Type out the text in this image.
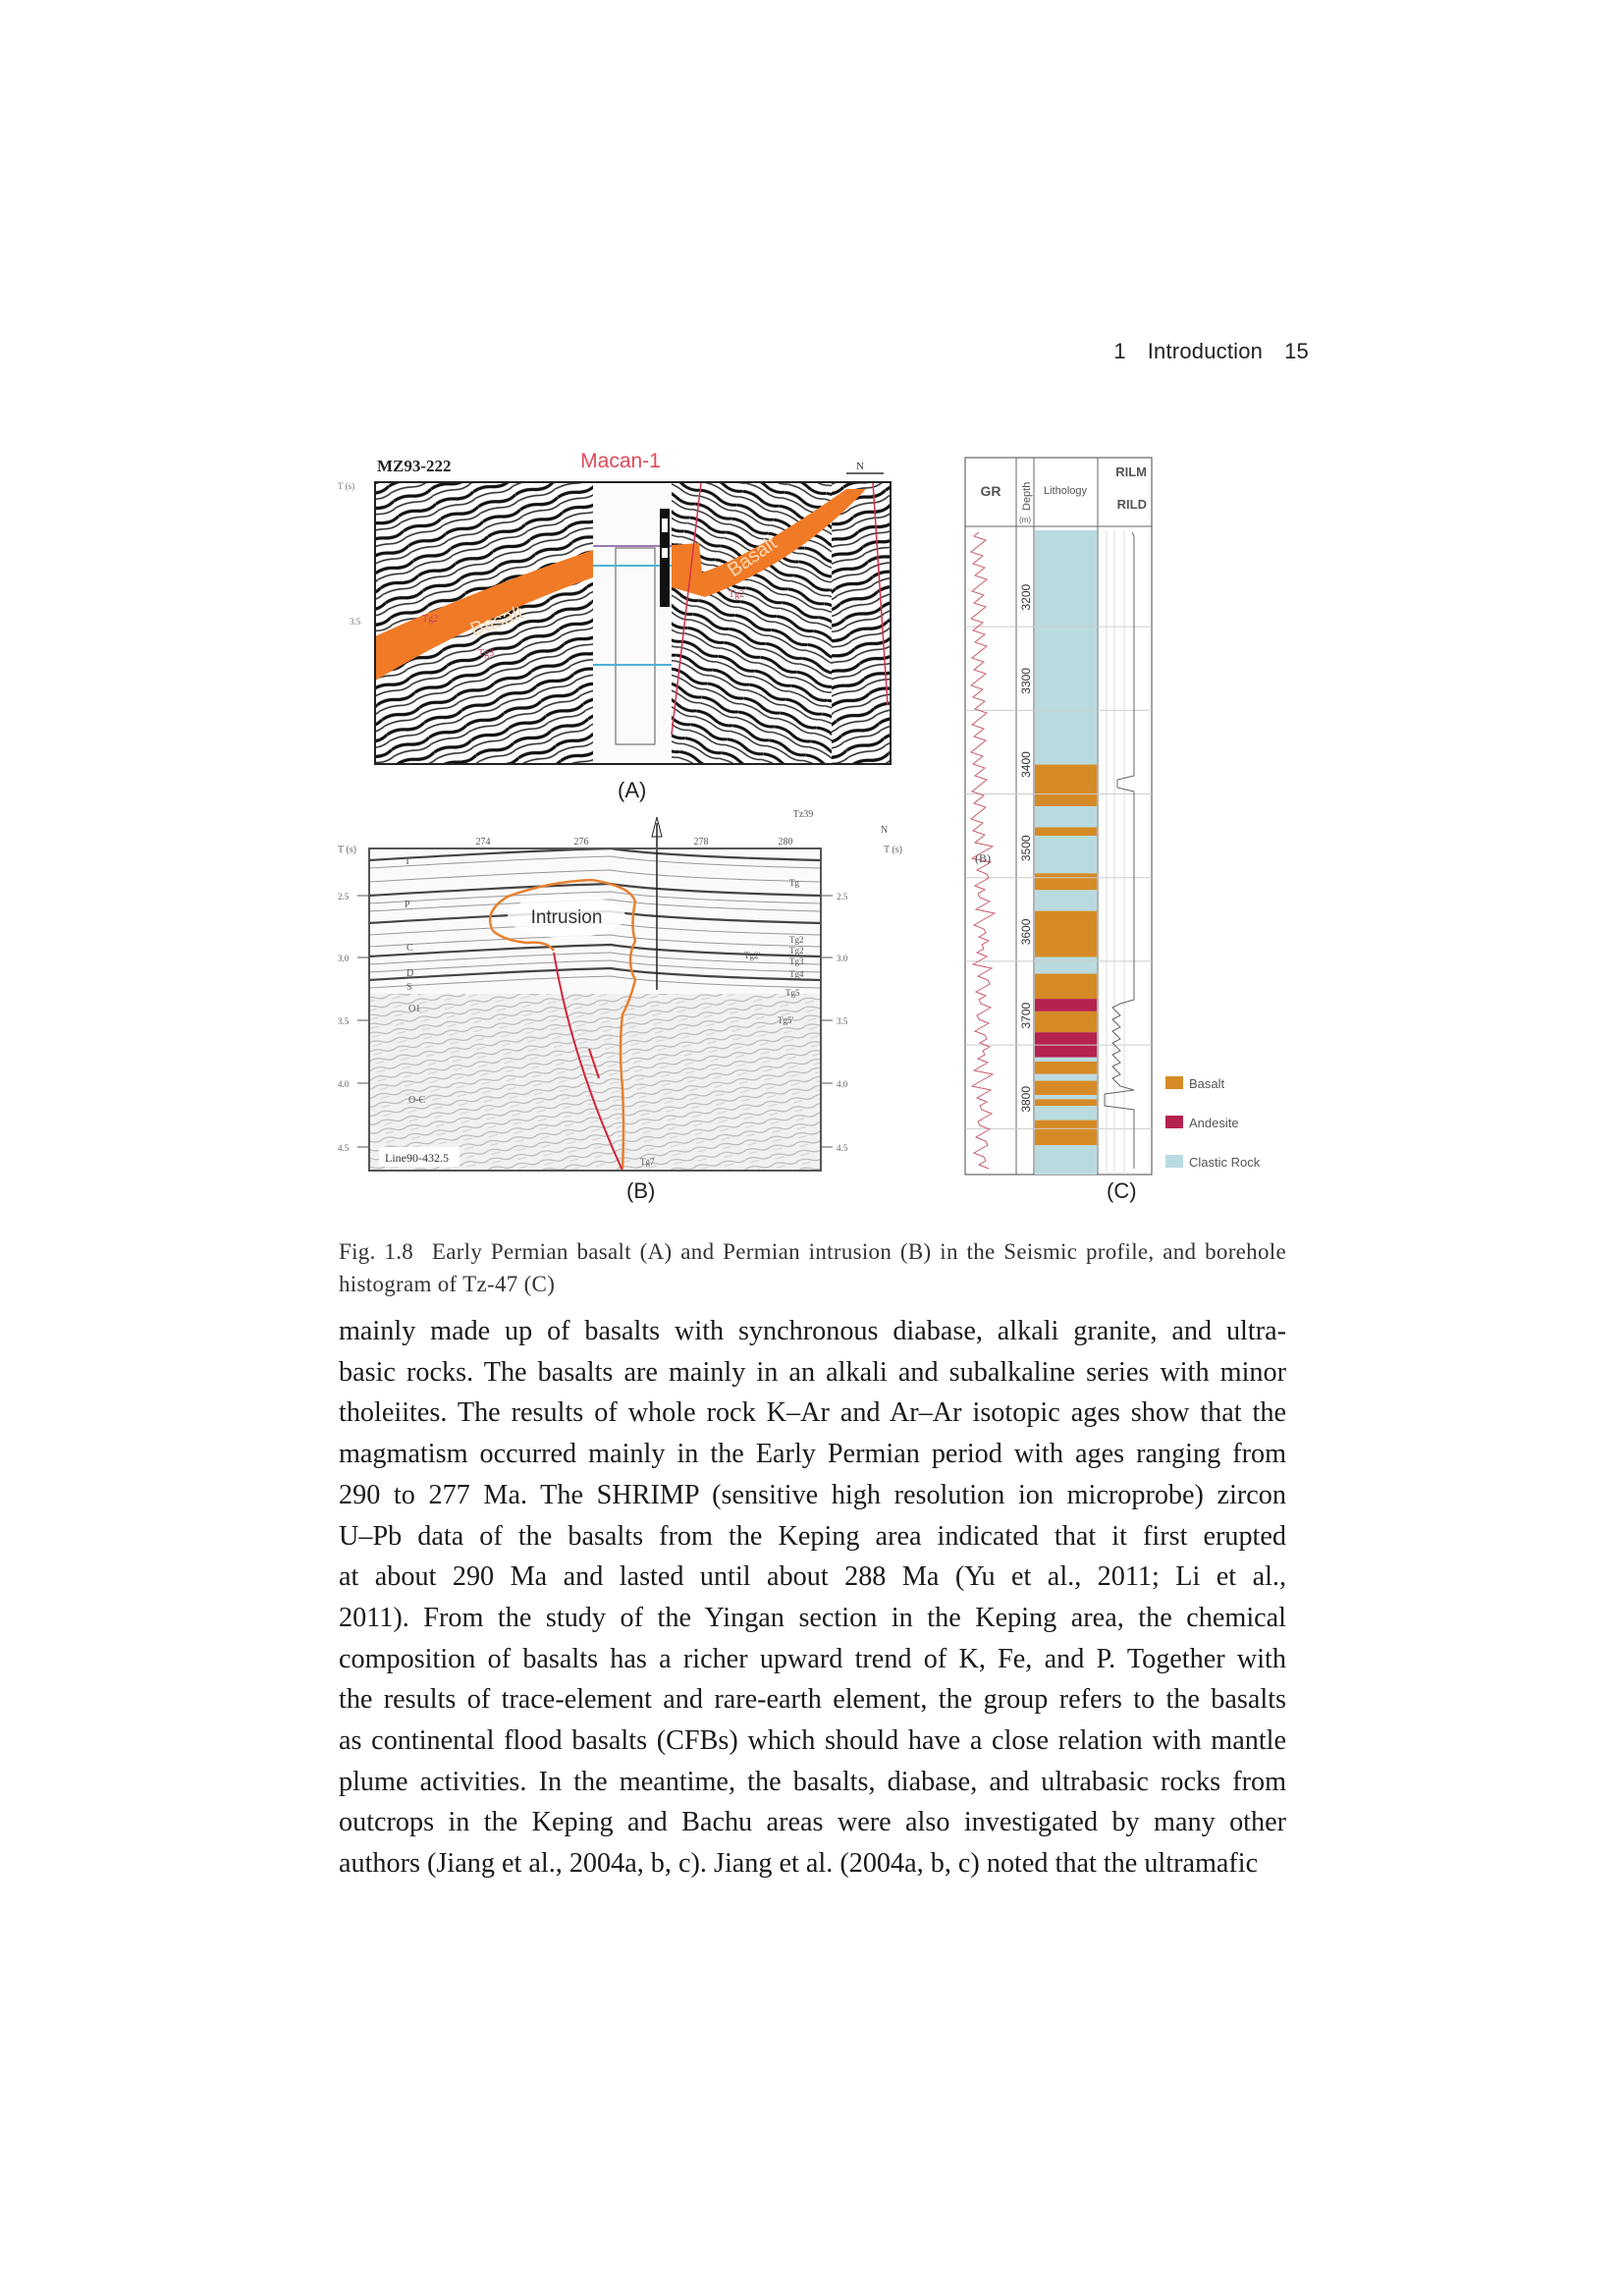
1 Introduction 15
MZ93-222	Macan-1
T (s)
3.5
N
Basalt
Basalt
Tg2
Tg2
Tg3
(A)
Tz39
T (s)	T (s)
N
274	276	278	280
2.5	2.5
3.0	3.0
3.5	3.5
4.0	4.0
4.5	4.5
Intrusion
T
P
C
D
S
O1
O-Є
Tg
Tg2
Tg2
Tg2'
Tg3
Tg4
Tg5
Tg5'
Tg7
Line90-432.5
(B)
GR Depth
(m)
Lithology
RILM
RILD
3200
3300
3400
3500
3600
3700
3800
(B)
Basalt
Andesite
Clastic Rock
(C)
Fig. 1.8 Early Permian basalt (A) and Permian intrusion (B) in the Seismic profile, and borehole histogram of Tz-47 (C)
mainly made up of basalts with synchronous diabase, alkali granite, and ultra-
basic rocks. The basalts are mainly in an alkali and subalkaline series with minor
tholeiites. The results of whole rock K–Ar and Ar–Ar isotopic ages show that the
magmatism occurred mainly in the Early Permian period with ages ranging from
290 to 277 Ma. The SHRIMP (sensitive high resolution ion microprobe) zircon
U–Pb data of the basalts from the Keping area indicated that it first erupted
at about 290 Ma and lasted until about 288 Ma (Yu et al., 2011; Li et al.,
2011). From the study of the Yingan section in the Keping area, the chemical
composition of basalts has a richer upward trend of K, Fe, and P. Together with
the results of trace-element and rare-earth element, the group refers to the basalts
as continental flood basalts (CFBs) which should have a close relation with mantle
plume activities. In the meantime, the basalts, diabase, and ultrabasic rocks from
outcrops in the Keping and Bachu areas were also investigated by many other
authors (Jiang et al., 2004a, b, c). Jiang et al. (2004a, b, c) noted that the ultramafic
